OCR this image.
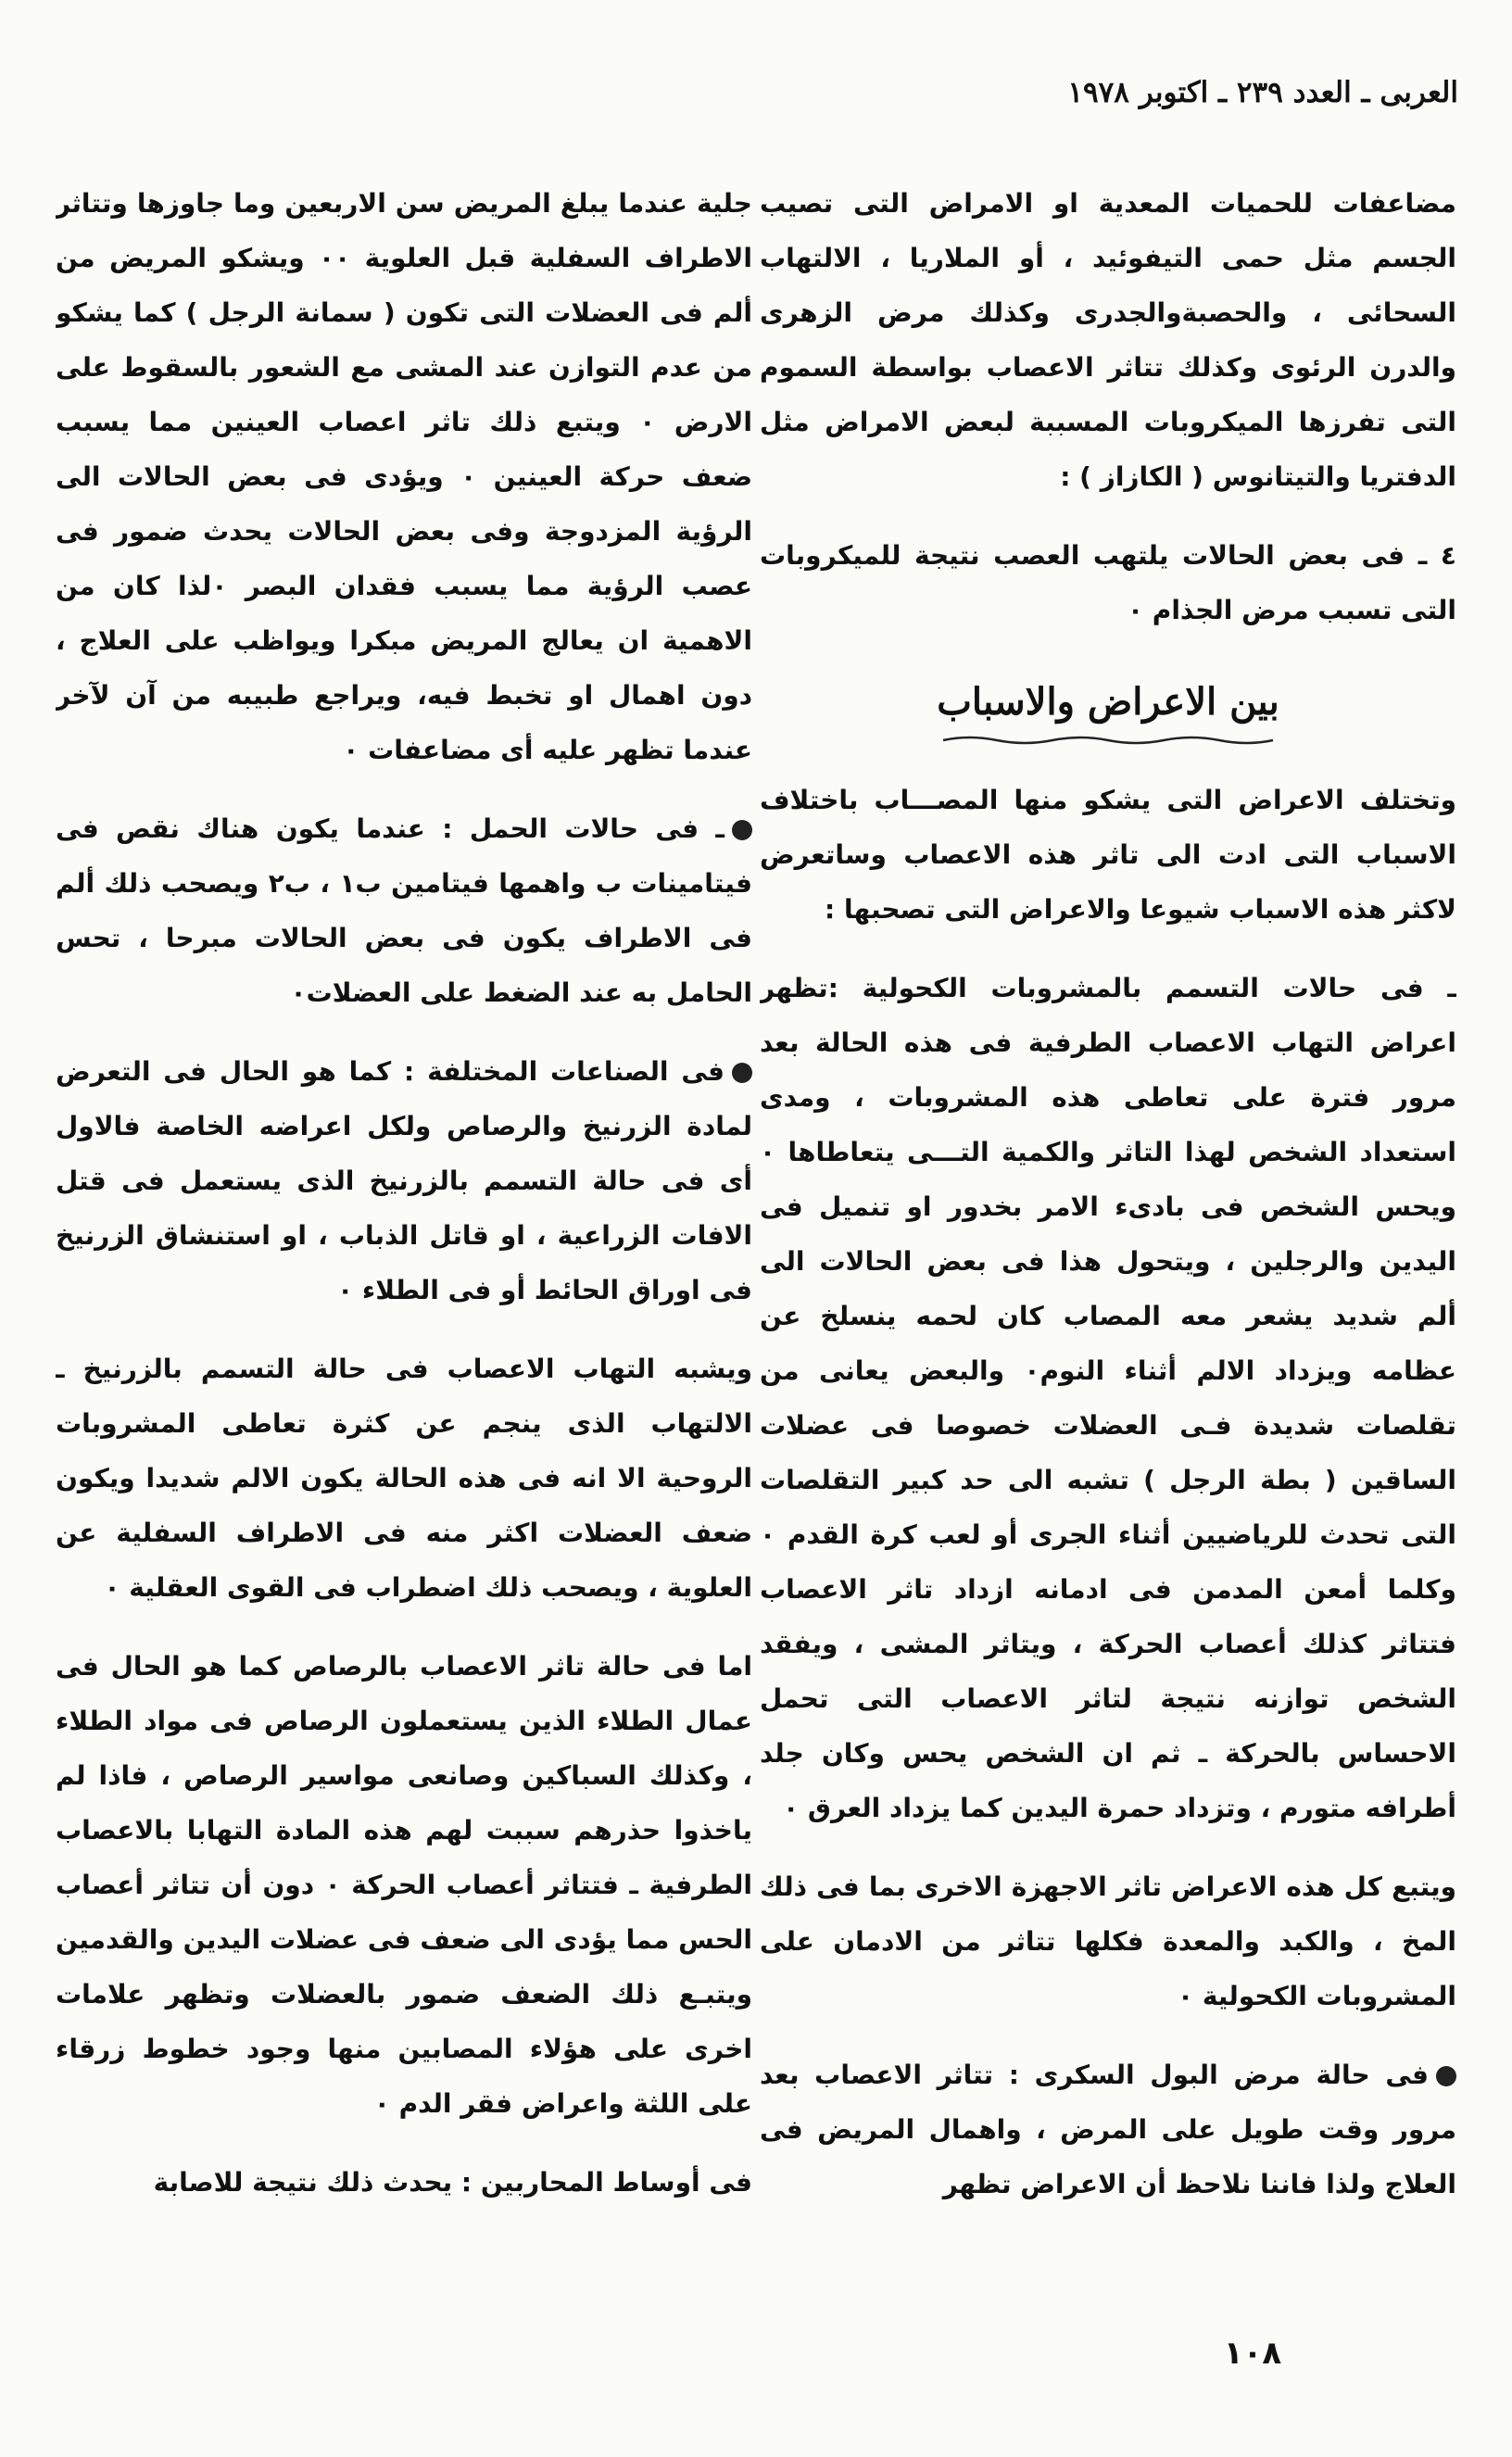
العربى ـ العدد ٢٣٩ ـ اكتوبر ١٩٧٨

مضاعفات للحميات المعدية او الامراض التى تصيب الجسم مثل حمى التيفوئيد ، أو الملاريا ، الالتهاب السحائى ، والحصبةوالجدرى وكذلك مرض الزهرى والدرن الرئوى وكذلك تتاثر الاعصاب بواسطة السموم التى تفرزها الميكروبات المسببة لبعض الامراض مثل الدفتريا والتيتانوس ( الكازاز ) :

٤ ـ فى بعض الحالات يلتهب العصب نتيجة للميكروبات التى تسبب مرض الجذام ٠

بين الاعراض والاسباب

وتختلف الاعراض التى يشكو منها المصـــاب باختلاف الاسباب التى ادت الى تاثر هذه الاعصاب وساتعرض لاكثر هذه الاسباب شيوعا والاعراض التى تصحبها :

ـ فى حالات التسمم بالمشروبات الكحولية :تظهر اعراض التهاب الاعصاب الطرفية فى هذه الحالة بعد مرور فترة على تعاطى هذه المشروبات ، ومدى استعداد الشخص لهذا التاثر والكمية التـــى يتعاطاها ٠ ويحس الشخص فى بادىء الامر بخدور او تنميل فى اليدين والرجلين ، ويتحول هذا فى بعض الحالات الى ألم شديد يشعر معه المصاب كان لحمه ينسلخ عن عظامه ويزداد الالم أثناء النوم٠ والبعض يعانى من تقلصات شديدة فـى العضلات خصوصا فى عضلات الساقين ( بطة الرجل ) تشبه الى حد كبير التقلصات التى تحدث للرياضيين أثناء الجرى أو لعب كرة القدم ٠ وكلما أمعن المدمن فى ادمانه ازداد تاثر الاعصاب فتتاثر كذلك أعصاب الحركة ، ويتاثر المشى ، ويفقد الشخص توازنه نتيجة لتاثر الاعصاب التى تحمل الاحساس بالحركة ـ ثم ان الشخص يحس وكان جلد أطرافه متورم ، وتزداد حمرة اليدين كما يزداد العرق ٠

ويتبع كل هذه الاعراض تاثر الاجهزة الاخرى بما فى ذلك المخ ، والكبد والمعدة فكلها تتاثر من الادمان على المشروبات الكحولية ٠

فى حالة مرض البول السكرى : تتاثر الاعصاب بعد مرور وقت طويل على المرض ، واهمال المريض فى العلاج ولذا فاننا نلاحظ أن الاعراض تظهر

جلية عندما يبلغ المريض سن الاربعين وما جاوزها وتتاثر الاطراف السفلية قبل العلوية ٠٠ ويشكو المريض من ألم فى العضلات التى تكون ( سمانة الرجل ) كما يشكو من عدم التوازن عند المشى مع الشعور بالسقوط على الارض ٠ ويتبع ذلك تاثر اعصاب العينين مما يسبب ضعف حركة العينين ٠ ويؤدى فى بعض الحالات الى الرؤية المزدوجة وفى بعض الحالات يحدث ضمور فى عصب الرؤية مما يسبب فقدان البصر ٠لذا كان من الاهمية ان يعالج المريض مبكرا ويواظب على العلاج ، دون اهمال او تخبط فيه، ويراجع طبيبه من آن لآخر عندما تظهر عليه أى مضاعفات ٠

ـ فى حالات الحمل : عندما يكون هناك نقص فى فيتامينات ب واهمها فيتامين ب١ ، ب٢ ويصحب ذلك ألم فى الاطراف يكون فى بعض الحالات مبرحا ، تحس الحامل به عند الضغط على العضلات٠

فى الصناعات المختلفة : كما هو الحال فى التعرض لمادة الزرنيخ والرصاص ولكل اعراضه الخاصة فالاول أى فى حالة التسمم بالزرنيخ الذى يستعمل فى قتل الافات الزراعية ، او قاتل الذباب ، او استنشاق الزرنيخ فى اوراق الحائط أو فى الطلاء ٠

ويشبه التهاب الاعصاب فى حالة التسمم بالزرنيخ ـ الالتهاب الذى ينجم عن كثرة تعاطى المشروبات الروحية الا انه فى هذه الحالة يكون الالم شديدا ويكون ضعف العضلات اكثر منه فى الاطراف السفلية عن العلوية ، ويصحب ذلك اضطراب فى القوى العقلية ٠

اما فى حالة تاثر الاعصاب بالرصاص كما هو الحال فى عمال الطلاء الذين يستعملون الرصاص فى مواد الطلاء ، وكذلك السباكين وصانعى مواسير الرصاص ، فاذا لم ياخذوا حذرهم سببت لهم هذه المادة التهابا بالاعصاب الطرفية ـ فتتاثر أعصاب الحركة ٠ دون أن تتاثر أعصاب الحس مما يؤدى الى ضعف فى عضلات اليدين والقدمين ويتبـع ذلك الضعف ضمور بالعضلات وتظهر علامات اخرى على هؤلاء المصابين منها وجود خطوط زرقاء على اللثة واعراض فقر الدم ٠

فى أوساط المحاربين : يحدث ذلك نتيجة للاصابة

١٠٨
